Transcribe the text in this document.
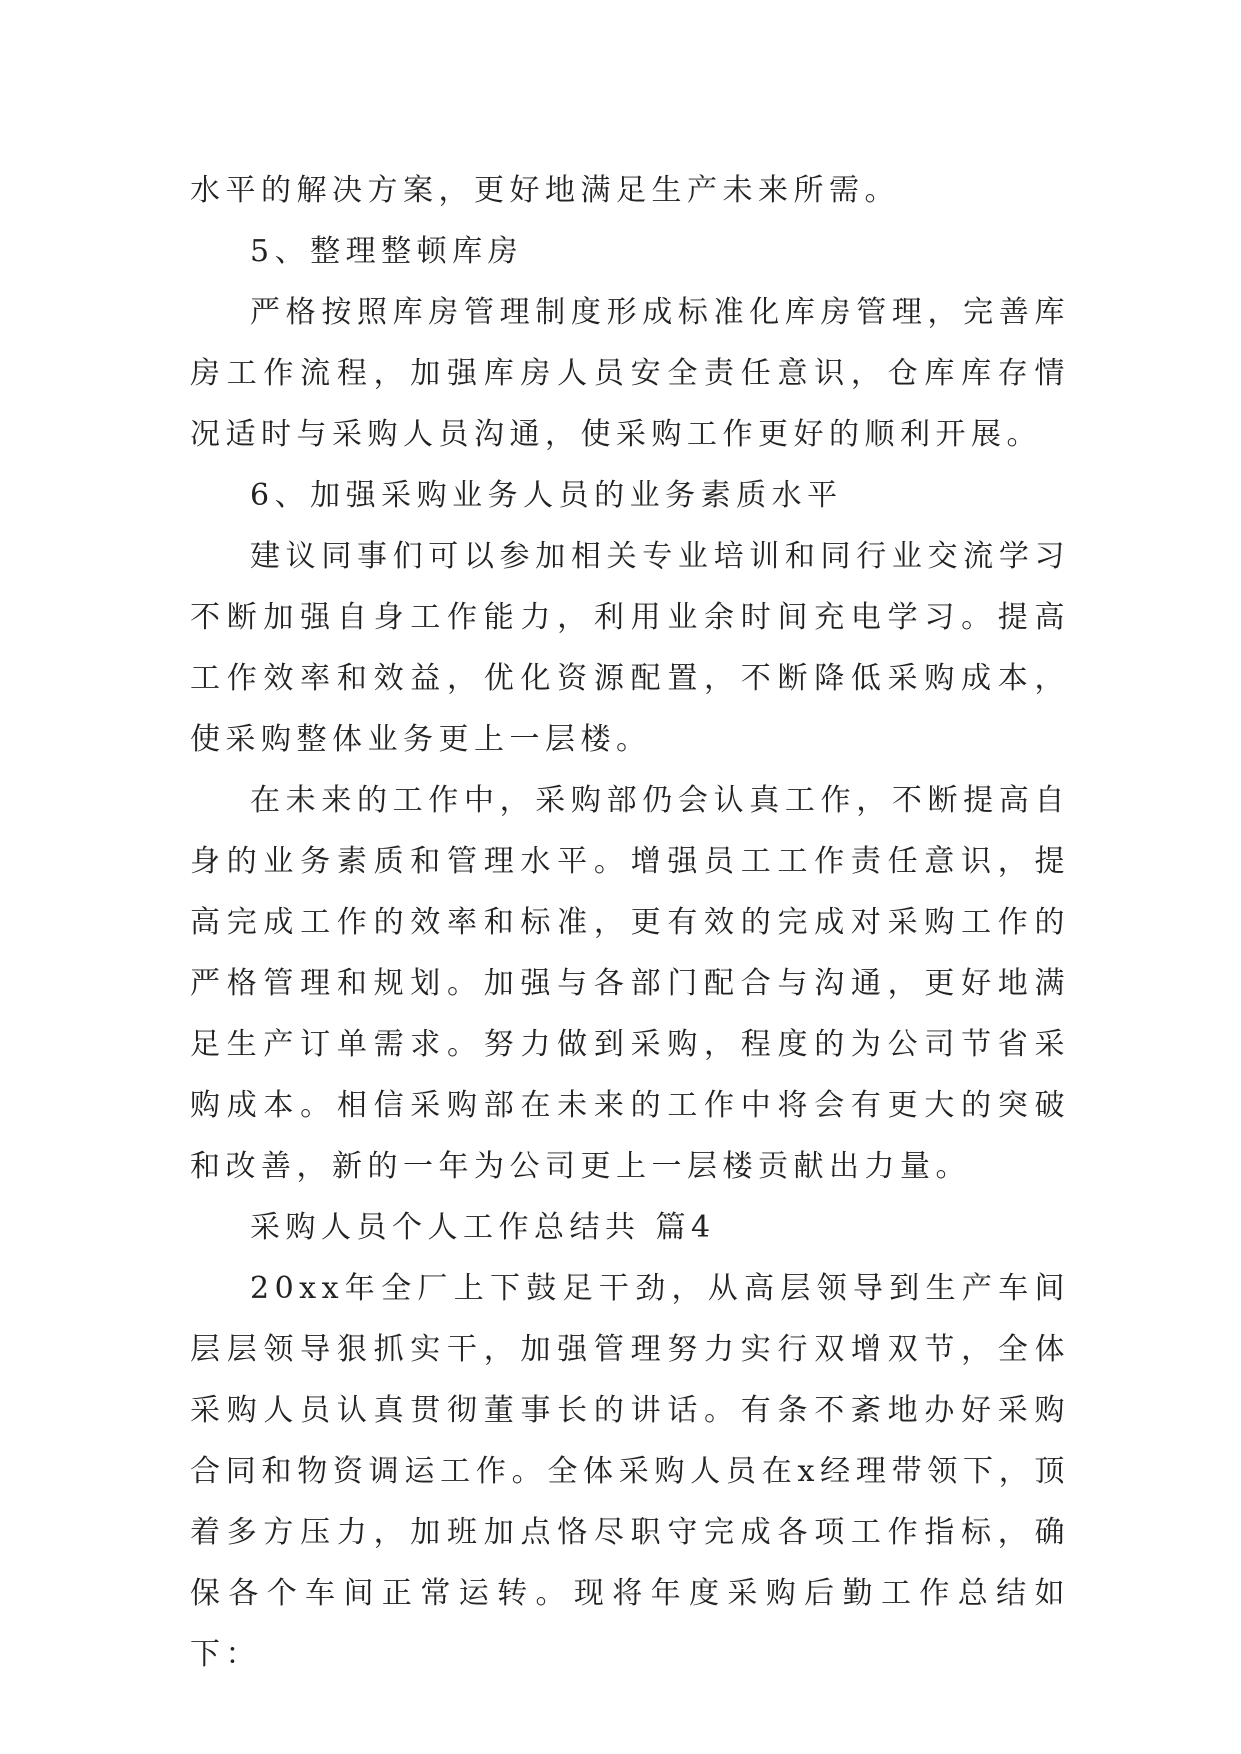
水平的解决方案，更好地满足生产未来所需。

5、整理整顿库房

严格按照库房管理制度形成标准化库房管理，完善库房工作流程，加强库房人员安全责任意识，仓库库存情况适时与采购人员沟通，使采购工作更好的顺利开展。

6、加强采购业务人员的业务素质水平

建议同事们可以参加相关专业培训和同行业交流学习不断加强自身工作能力，利用业余时间充电学习。提高工作效率和效益，优化资源配置，不断降低采购成本，使采购整体业务更上一层楼。

在未来的工作中，采购部仍会认真工作，不断提高自身的业务素质和管理水平。增强员工工作责任意识，提高完成工作的效率和标准，更有效的完成对采购工作的严格管理和规划。加强与各部门配合与沟通，更好地满足生产订单需求。努力做到采购，程度的为公司节省采购成本。相信采购部在未来的工作中将会有更大的突破和改善，新的一年为公司更上一层楼贡献出力量。

采购人员个人工作总结共 篇4

20xx年全厂上下鼓足干劲，从高层领导到生产车间层层领导狠抓实干，加强管理努力实行双增双节，全体采购人员认真贯彻董事长的讲话。有条不紊地办好采购合同和物资调运工作。全体采购人员在x经理带领下，顶着多方压力，加班加点恪尽职守完成各项工作指标，确保各个车间正常运转。现将年度采购后勤工作总结如下：
